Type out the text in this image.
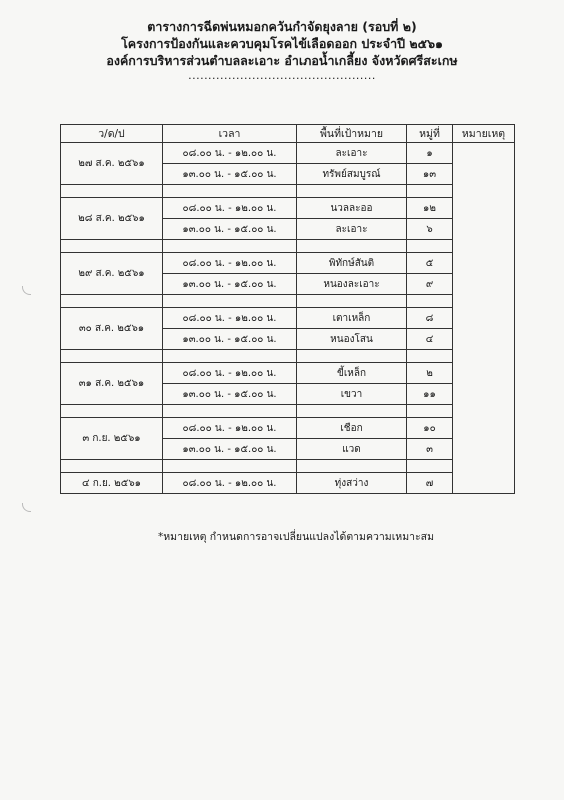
ตารางการฉีดพ่นหมอกควันกำจัดยุงลาย (รอบที่ ๒)
โครงการป้องกันและควบคุมโรคไข้เลือดออก ประจำปี ๒๕๖๑
องค์การบริหารส่วนตำบลละเอาะ อำเภอน้ำเกลี้ยง จังหวัดศรีสะเกษ
...............................................
ว/ด/ป	เวลา	พื้นที่เป้าหมาย	หมู่ที่	หมายเหตุ
๒๗ ส.ค. ๒๕๖๑	๐๘.๐๐ น. - ๑๒.๐๐ น.	ละเอาะ	๑	
	๑๓.๐๐ น. - ๑๕.๐๐ น.	ทรัพย์สมบูรณ์	๑๓	

๒๘ ส.ค. ๒๕๖๑	๐๘.๐๐ น. - ๑๒.๐๐ น.	นวลละออ	๑๒	
	๑๓.๐๐ น. - ๑๕.๐๐ น.	ละเอาะ	๖	

๒๙ ส.ค. ๒๕๖๑	๐๘.๐๐ น. - ๑๒.๐๐ น.	พิทักษ์สันติ	๕	
	๑๓.๐๐ น. - ๑๕.๐๐ น.	หนองละเอาะ	๙	

๓๐ ส.ค. ๒๕๖๑	๐๘.๐๐ น. - ๑๒.๐๐ น.	เตาเหล็ก	๘	
	๑๓.๐๐ น. - ๑๕.๐๐ น.	หนองโสน	๔	

๓๑ ส.ค. ๒๕๖๑	๐๘.๐๐ น. - ๑๒.๐๐ น.	ขี้เหล็ก	๒	
	๑๓.๐๐ น. - ๑๕.๐๐ น.	เขวา	๑๑	

๓ ก.ย. ๒๕๖๑	๐๘.๐๐ น. - ๑๒.๐๐ น.	เชือก	๑๐	
	๑๓.๐๐ น. - ๑๕.๐๐ น.	แวด	๓	

๔ ก.ย. ๒๕๖๑	๐๘.๐๐ น. - ๑๒.๐๐ น.	ทุ่งสว่าง	๗	
*หมายเหตุ กำหนดการอาจเปลี่ยนแปลงได้ตามความเหมาะสม
